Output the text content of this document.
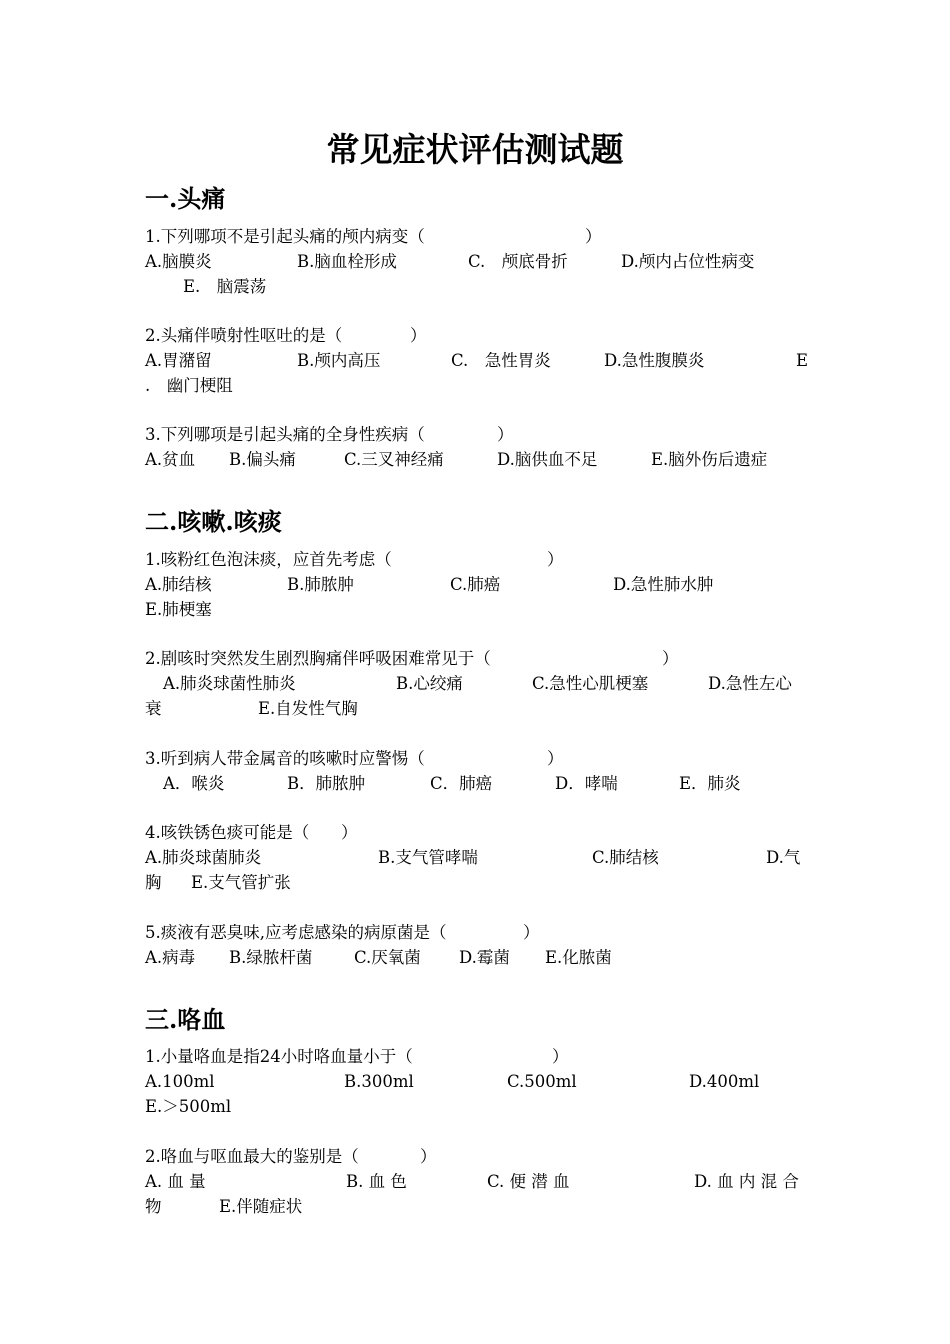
常见症状评估测试题
一.头痛
1.下列哪项不是引起头痛的颅内病变（	）
A.脑膜炎	B.脑血栓形成	C.　颅底骨折	D.颅内占位性病变
E.　脑震荡
2.头痛伴喷射性呕吐的是（	）
A.胃潴留	B.颅内高压	C.　急性胃炎	D.急性腹膜炎	E
.　幽门梗阻
3.下列哪项是引起头痛的全身性疾病（	）
A.贫血 B.偏头痛	C.三叉神经痛	D.脑供血不足	E.脑外伤后遗症
二.咳嗽.咳痰
1.咳粉红色泡沫痰，应首先考虑（	）
A.肺结核	B.肺脓肿	C.肺癌	D.急性肺水肿
E.肺梗塞
2.剧咳时突然发生剧烈胸痛伴呼吸困难常见于（	）
A.肺炎球菌性肺炎	B.心绞痛	C.急性心肌梗塞	D.急性左心
衰	E.自发性气胸
3.听到病人带金属音的咳嗽时应警惕（	）
A．喉炎	B．肺脓肿	C．肺癌	D．哮喘	E．肺炎
4.咳铁锈色痰可能是（ ）
A.肺炎球菌肺炎	B.支气管哮喘	C.肺结核	D.气
胸 E.支气管扩张
5.痰液有恶臭味,应考虑感染的病原菌是（	）
A.病毒 B.绿脓杆菌	C.厌氧菌 D.霉菌 E.化脓菌
三.咯血
1.小量咯血是指24小时咯血量小于（	）
A.100ml	B.300ml	C.500ml	D.400ml
E.＞500ml
2.咯血与呕血最大的鉴别是（	）
A. 血 量	B. 血 色	C. 便 潜 血	D. 血 内 混 合
物	E.伴随症状
